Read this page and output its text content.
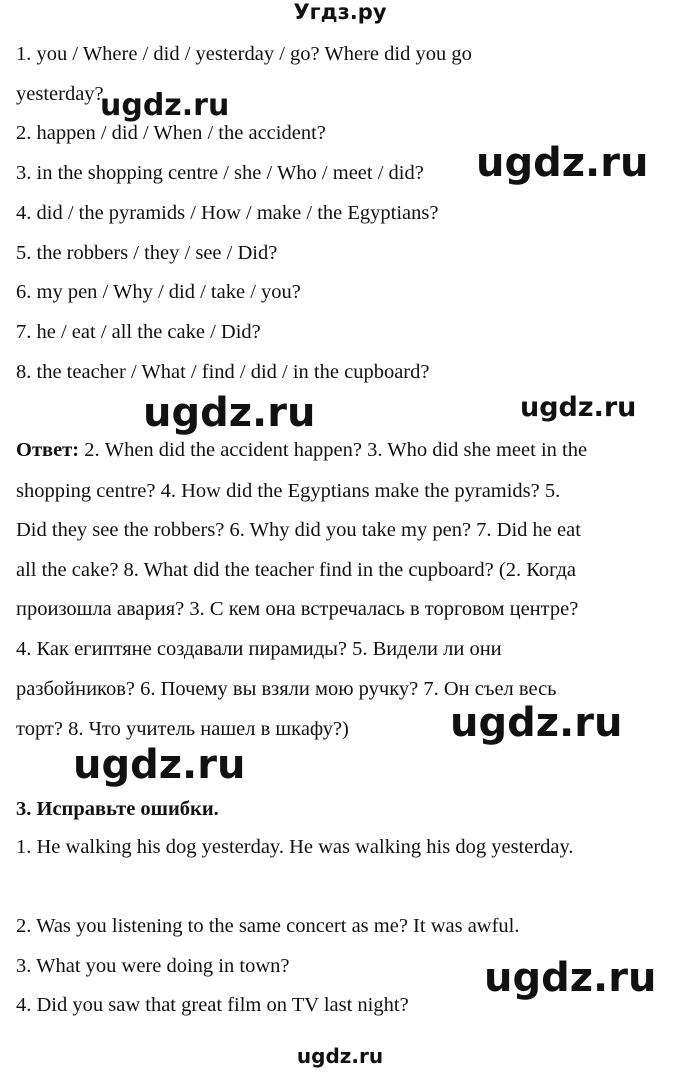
Угдз.ру
1. you / Where / did / yesterday / go? Where did you go
yesterday?
2. happen / did / When / the accident?
3. in the shopping centre / she / Who / meet / did?
4. did / the pyramids / How / make / the Egyptians?
5. the robbers / they / see / Did?
6. my pen / Why / did / take / you?
7. he / eat / all the cake / Did?
8. the teacher / What / find / did / in the cupboard?
Ответ: 2. When did the accident happen? 3. Who did she meet in the
shopping centre? 4. How did the Egyptians make the pyramids? 5.
Did they see the robbers? 6. Why did you take my pen? 7. Did he eat
all the cake? 8. What did the teacher find in the cupboard? (2. Когда
произошла авария? 3. С кем она встречалась в торговом центре?
4. Как египтяне создавали пирамиды? 5. Видели ли они
разбойников? 6. Почему вы взяли мою ручку? 7. Он съел весь
торт? 8. Что учитель нашел в шкафу?)
3. Исправьте ошибки.
1. He walking his dog yesterday. He was walking his dog yesterday.
2. Was you listening to the same concert as me? It was awful.
3. What you were doing in town?
4. Did you saw that great film on TV last night?
ugdz.ru
ugdz.ru
ugdz.ru	ugdz.ru
ugdz.ru
ugdz.ru
ugdz.ru
ugdz.ru
